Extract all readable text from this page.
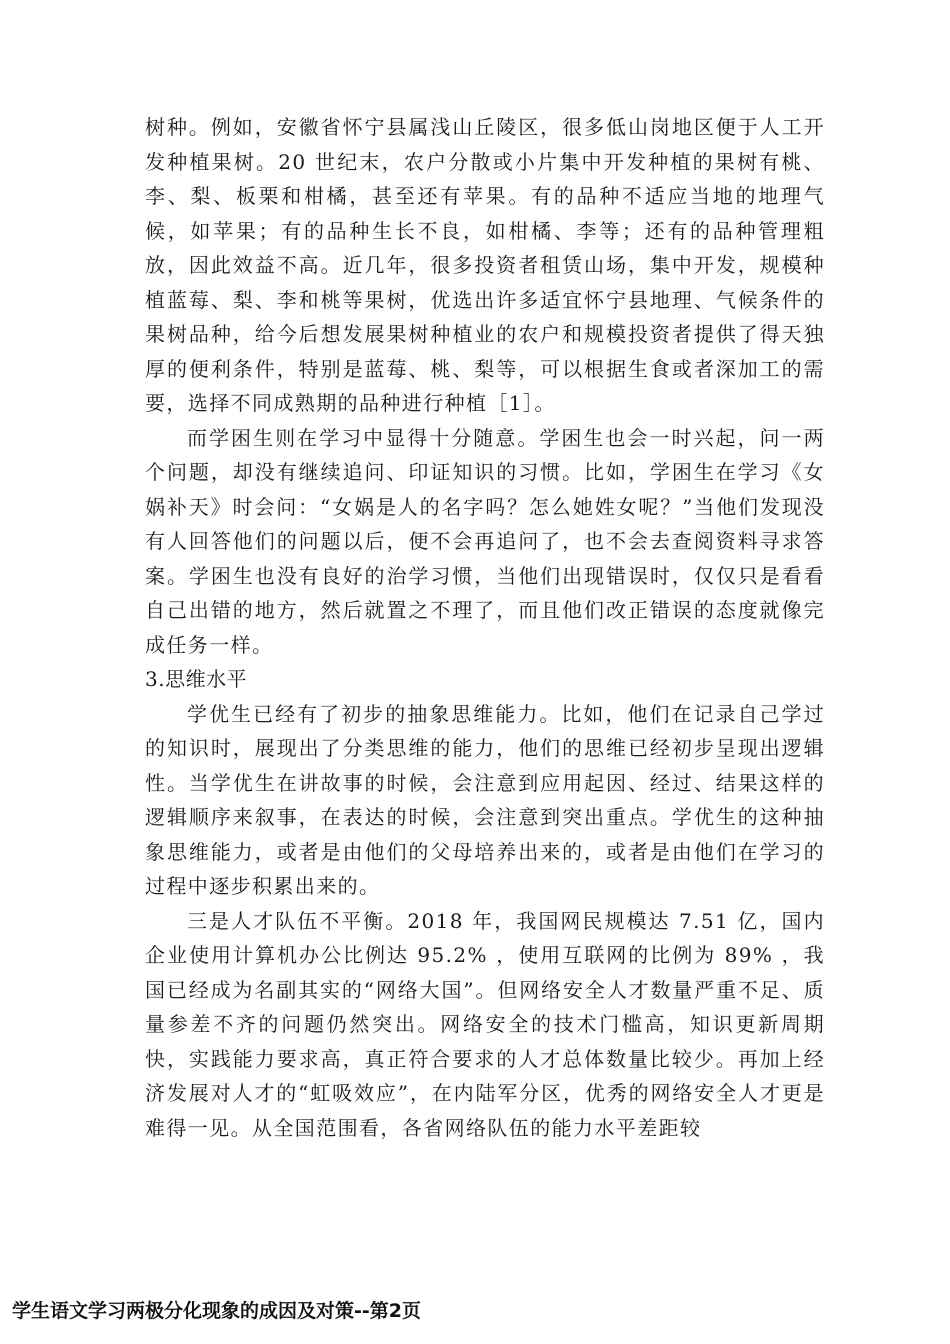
树种。例如，安徽省怀宁县属浅山丘陵区，很多低山岗地区便于人工开发种植果树。20 世纪末，农户分散或小片集中开发种植的果树有桃、李、梨、板栗和柑橘，甚至还有苹果。有的品种不适应当地的地理气候，如苹果；有的品种生长不良，如柑橘、李等；还有的品种管理粗放，因此效益不高。近几年，很多投资者租赁山场，集中开发，规模种植蓝莓、梨、李和桃等果树，优选出许多适宜怀宁县地理、气候条件的果树品种，给今后想发展果树种植业的农户和规模投资者提供了得天独厚的便利条件，特别是蓝莓、桃、梨等，可以根据生食或者深加工的需要，选择不同成熟期的品种进行种植［1］。

而学困生则在学习中显得十分随意。学困生也会一时兴起，问一两个问题，却没有继续追问、印证知识的习惯。比如，学困生在学习《女娲补天》时会问：“女娲是人的名字吗？怎么她姓女呢？”当他们发现没有人回答他们的问题以后，便不会再追问了，也不会去查阅资料寻求答案。学困生也没有良好的治学习惯，当他们出现错误时，仅仅只是看看自己出错的地方，然后就置之不理了，而且他们改正错误的态度就像完成任务一样。

3.思维水平

学优生已经有了初步的抽象思维能力。比如，他们在记录自己学过的知识时，展现出了分类思维的能力，他们的思维已经初步呈现出逻辑性。当学优生在讲故事的时候，会注意到应用起因、经过、结果这样的逻辑顺序来叙事，在表达的时候，会注意到突出重点。学优生的这种抽象思维能力，或者是由他们的父母培养出来的，或者是由他们在学习的过程中逐步积累出来的。

三是人才队伍不平衡。2018 年，我国网民规模达 7.51 亿，国内企业使用计算机办公比例达 95.2% ，使用互联网的比例为 89% ，我国已经成为名副其实的“网络大国”。但网络安全人才数量严重不足、质量参差不齐的问题仍然突出。网络安全的技术门槛高，知识更新周期快，实践能力要求高，真正符合要求的人才总体数量比较少。再加上经济发展对人才的“虹吸效应”，在内陆军分区，优秀的网络安全人才更是难得一见。从全国范围看，各省网络队伍的能力水平差距较

学生语文学习两极分化现象的成因及对策--第2页
